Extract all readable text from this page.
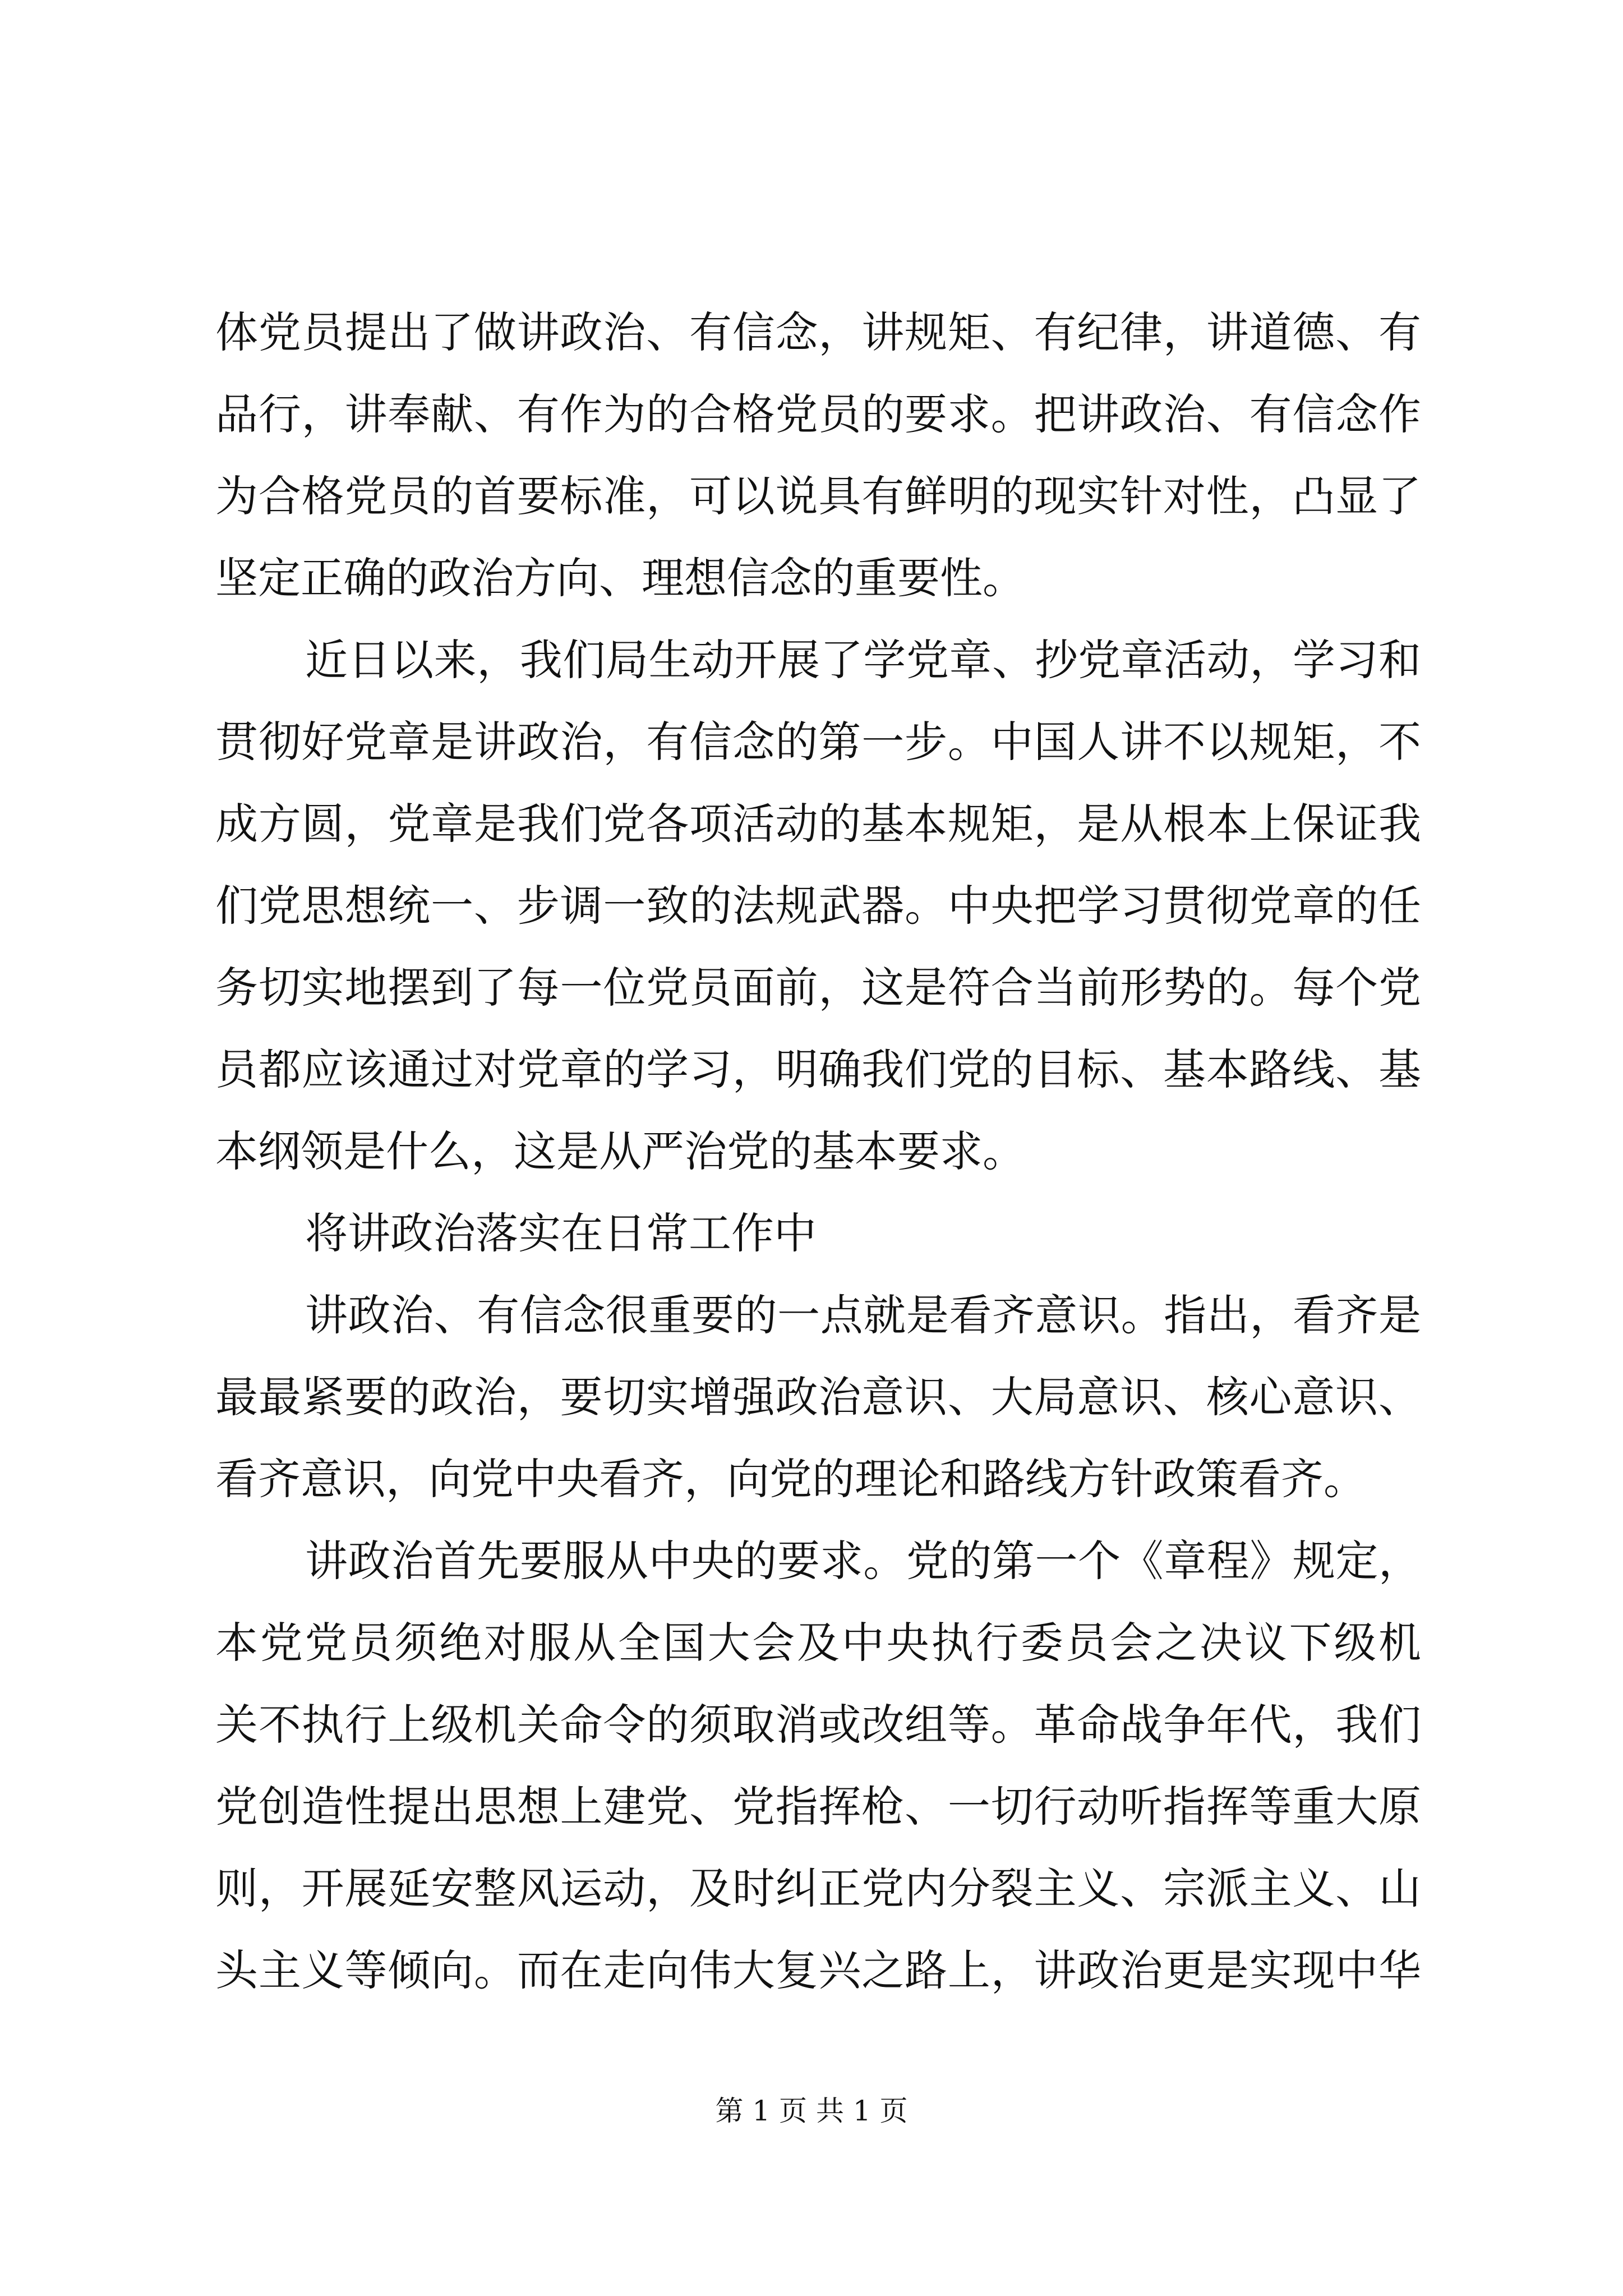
体党员提出了做讲政治、有信念，讲规矩、有纪律，讲道德、有
品行，讲奉献、有作为的合格党员的要求。把讲政治、有信念作
为合格党员的首要标准，可以说具有鲜明的现实针对性，凸显了
坚定正确的政治方向、理想信念的重要性。
近日以来，我们局生动开展了学党章、抄党章活动，学习和
贯彻好党章是讲政治，有信念的第一步。中国人讲不以规矩，不
成方圆，党章是我们党各项活动的基本规矩，是从根本上保证我
们党思想统一、步调一致的法规武器。中央把学习贯彻党章的任
务切实地摆到了每一位党员面前，这是符合当前形势的。每个党
员都应该通过对党章的学习，明确我们党的目标、基本路线、基
本纲领是什么，这是从严治党的基本要求。
将讲政治落实在日常工作中
讲政治、有信念很重要的一点就是看齐意识。指出，看齐是
最最紧要的政治，要切实增强政治意识、大局意识、核心意识、
看齐意识，向党中央看齐，向党的理论和路线方针政策看齐。
讲政治首先要服从中央的要求。党的第一个《章程》规定，
本党党员须绝对服从全国大会及中央执行委员会之决议下级机
关不执行上级机关命令的须取消或改组等。革命战争年代，我们
党创造性提出思想上建党、党指挥枪、一切行动听指挥等重大原
则，开展延安整风运动，及时纠正党内分裂主义、宗派主义、山
头主义等倾向。而在走向伟大复兴之路上，讲政治更是实现中华
第 1 页 共 1 页
